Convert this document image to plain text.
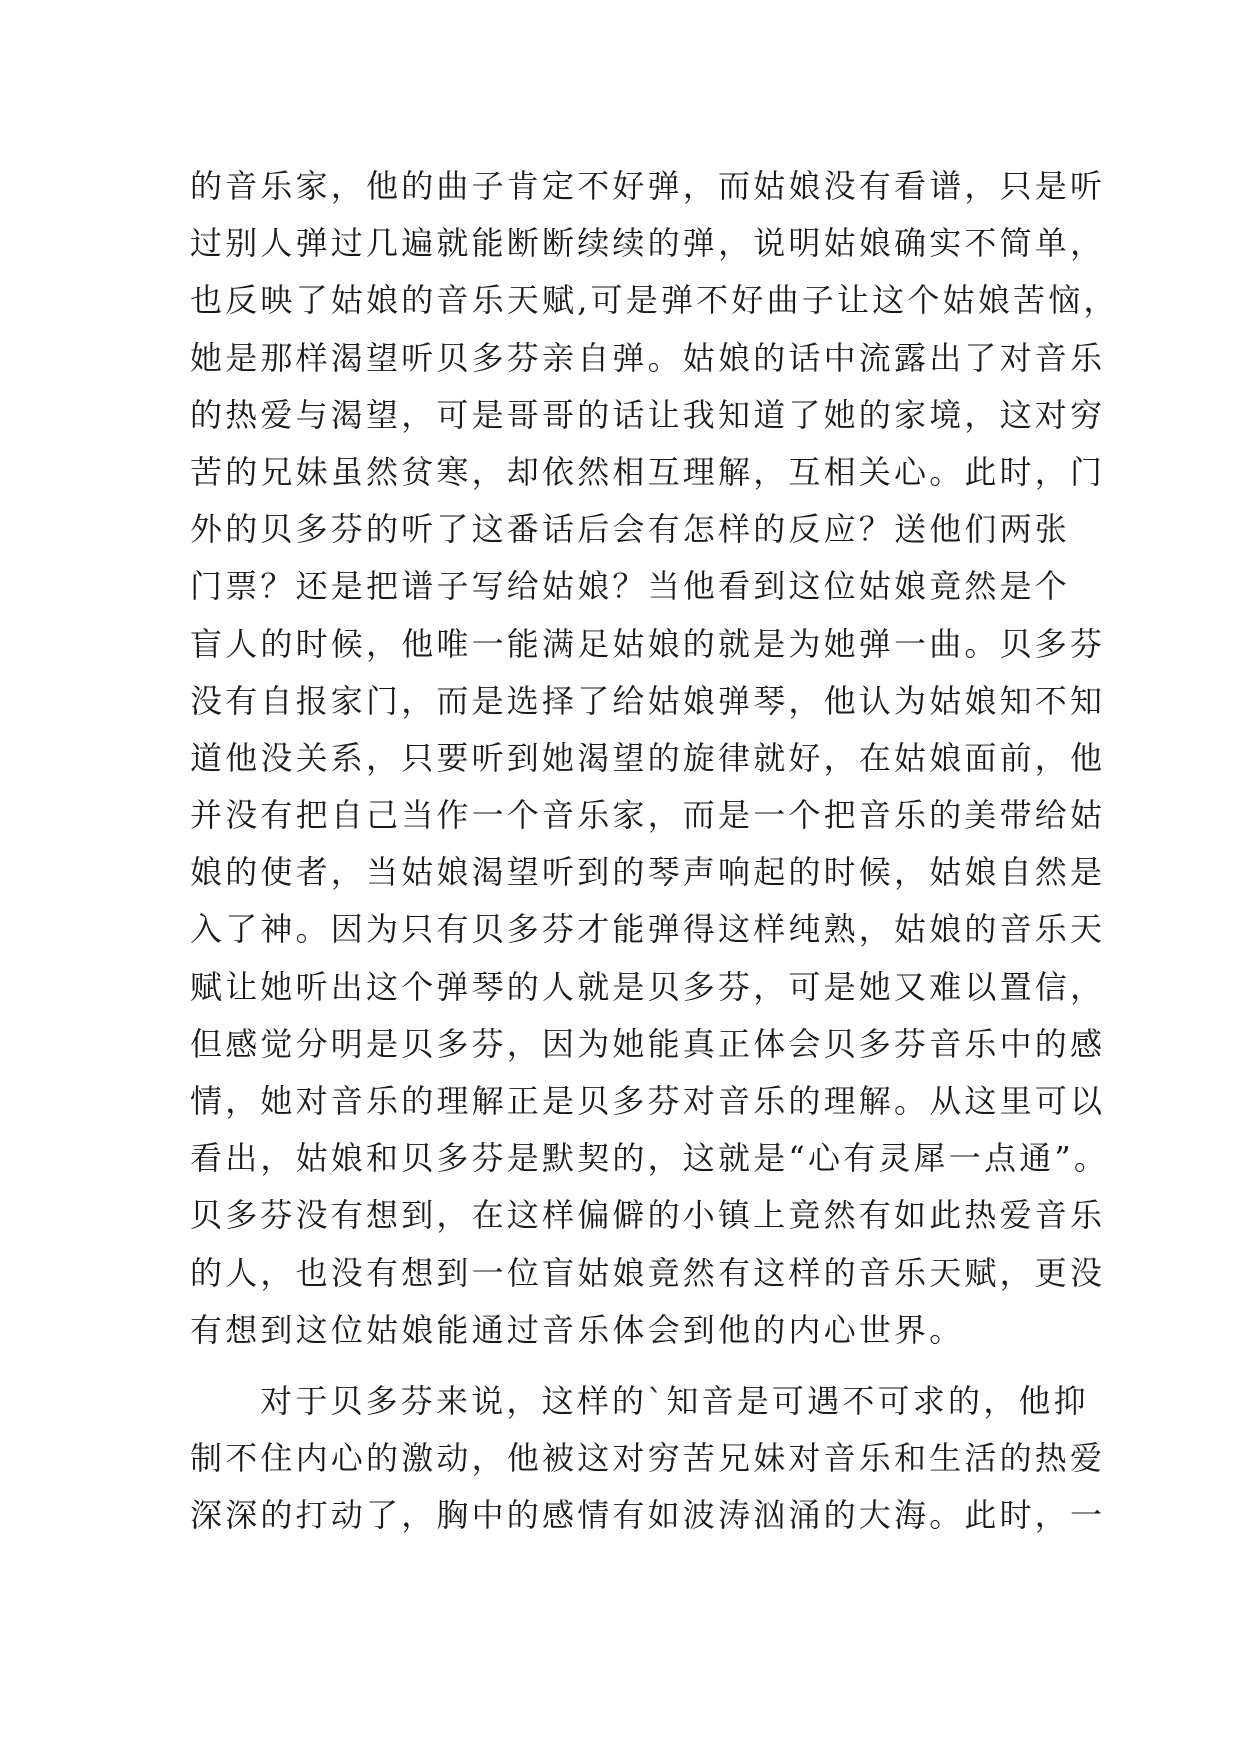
的音乐家，他的曲子肯定不好弹，而姑娘没有看谱，只是听
过别人弹过几遍就能断断续续的弹，说明姑娘确实不简单，
也反映了姑娘的音乐天赋,可是弹不好曲子让这个姑娘苦恼，
她是那样渴望听贝多芬亲自弹。姑娘的话中流露出了对音乐
的热爱与渴望，可是哥哥的话让我知道了她的家境，这对穷
苦的兄妹虽然贫寒，却依然相互理解，互相关心。此时，门
外的贝多芬的听了这番话后会有怎样的反应？送他们两张
门票？还是把谱子写给姑娘？当他看到这位姑娘竟然是个
盲人的时候，他唯一能满足姑娘的就是为她弹一曲。贝多芬
没有自报家门，而是选择了给姑娘弹琴，他认为姑娘知不知
道他没关系，只要听到她渴望的旋律就好，在姑娘面前，他
并没有把自己当作一个音乐家，而是一个把音乐的美带给姑
娘的使者，当姑娘渴望听到的琴声响起的时候，姑娘自然是
入了神。因为只有贝多芬才能弹得这样纯熟，姑娘的音乐天
赋让她听出这个弹琴的人就是贝多芬，可是她又难以置信，
但感觉分明是贝多芬，因为她能真正体会贝多芬音乐中的感
情，她对音乐的理解正是贝多芬对音乐的理解。从这里可以
看出，姑娘和贝多芬是默契的，这就是“心有灵犀一点通”。
贝多芬没有想到，在这样偏僻的小镇上竟然有如此热爱音乐
的人，也没有想到一位盲姑娘竟然有这样的音乐天赋，更没
有想到这位姑娘能通过音乐体会到他的内心世界。
对于贝多芬来说，这样的`知音是可遇不可求的，他抑
制不住内心的激动，他被这对穷苦兄妹对音乐和生活的热爱
深深的打动了，胸中的感情有如波涛汹涌的大海。此时，一
